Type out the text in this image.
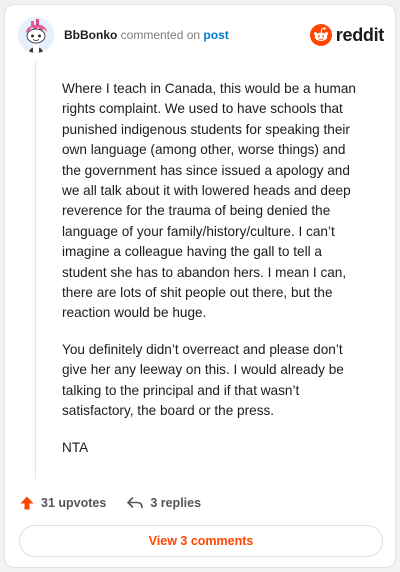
BbBonko commented on post	reddit

Where I teach in Canada, this would be a human rights complaint. We used to have schools that punished indigenous students for speaking their own language (among other, worse things) and the government has since issued a apology and we all talk about it with lowered heads and deep reverence for the trauma of being denied the language of your family/history/culture. I can’t imagine a colleague having the gall to tell a student she has to abandon hers. I mean I can, there are lots of shit people out there, but the reaction would be huge.

You definitely didn’t overreact and please don’t give her any leeway on this. I would already be talking to the principal and if that wasn’t satisfactory, the board or the press.

NTA

31 upvotes	3 replies
View 3 comments
